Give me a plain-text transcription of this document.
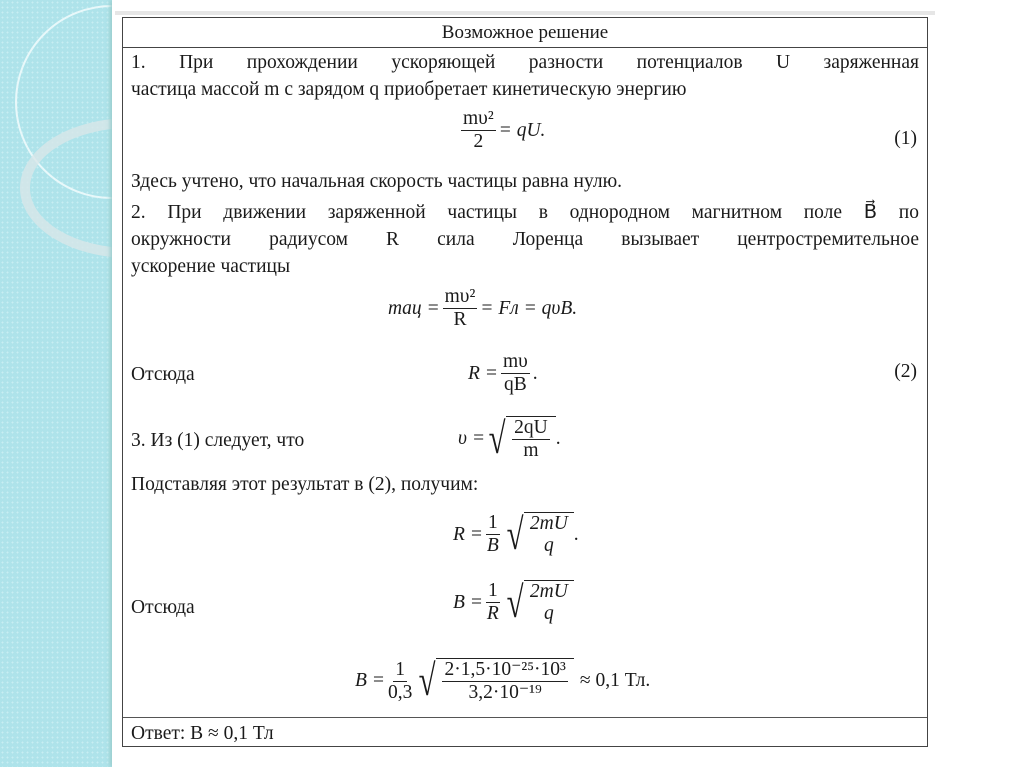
Возможное решение
1. При прохождении ускоряющей разности потенциалов U заряженная
частица массой m с зарядом q приобретает кинетическую энергию
$\frac{\text{mυ²}}{2}$ = qU.	(1)
Здесь учтено, что начальная скорость частицы равна нулю.
2. При движении заряженной частицы в однородном магнитном поле B⃗ по
окружности радиусом R сила Лоренца вызывает центростремительное
ускорение частицы
maц = $\frac{\text{mυ²}}{R}$ = Fл = qυB.
Отсюда	$R = \frac{m\upsilon}{qB}$ .	(2)
3. Из (1) следует, что	υ = √ $\frac{2qU}{m}$ .
Подставляя этот результат в (2), получим:
$R = \frac{1}{B}$ √ 2mU
q
.
Отсюда	$B = \frac{1}{R}$ √ 2mU
q
$B = \frac{1}{0,3}$ √ $\frac{\text{2·1,5·10⁻²⁵·10³}}{\text{3,2·10⁻¹⁹}} \approx 0,1$ Тл.
Ответ: B ≈ 0,1 Тл
